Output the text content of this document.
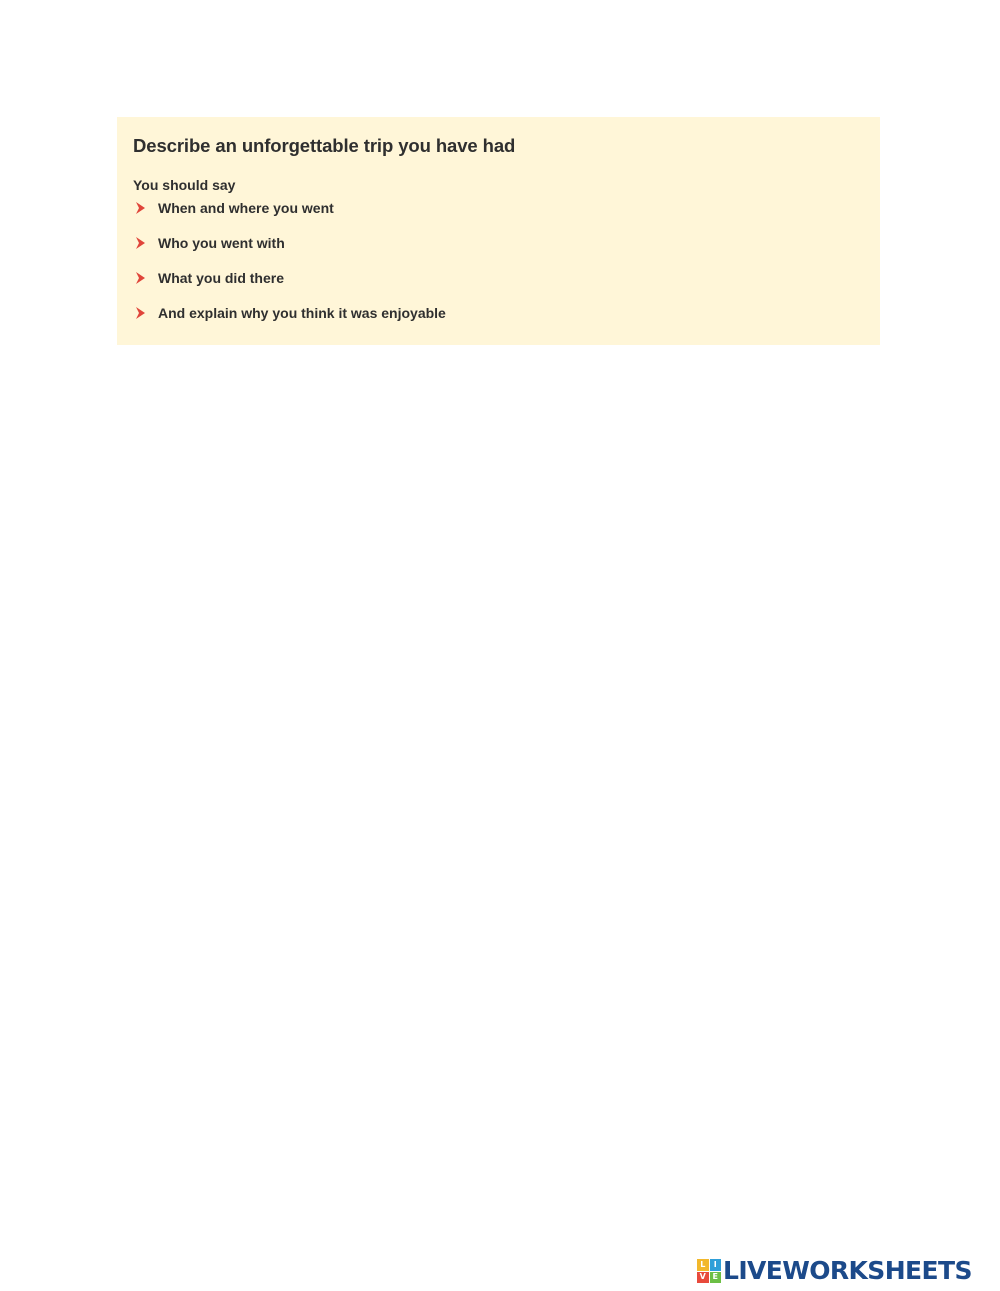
Describe an unforgettable trip you have had

You should say

When and where you went
Who you went with
What you did there
And explain why you think it was enjoyable
L	I
V E LIVEWORKSHEETS
